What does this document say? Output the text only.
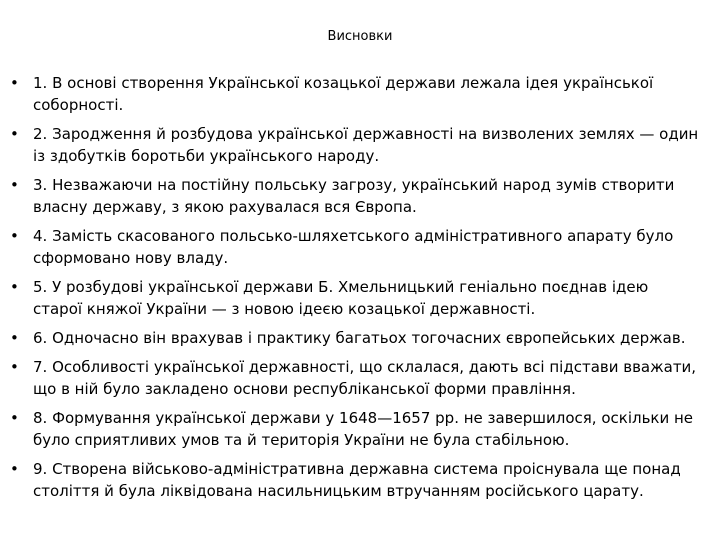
Висновки
• 1. В основі створення Української козацької держави лежала ідея української соборності.
• 2. Зародження й розбудова української державності на визволених землях — один із здобутків боротьби українського народу.
• 3. Незважаючи на постійну польську загрозу, український народ зумів створити власну державу, з якою рахувалася вся Європа.
• 4. Замість скасованого польсько-шляхетського адміністративного апарату було сформовано нову владу.
• 5. У розбудові української держави Б. Хмельницький геніально поєднав ідею старої княжої України — з новою ідеєю козацької державності.
• 6. Одночасно він врахував і практику багатьох тогочасних європейських держав.
• 7. Особливості української державності, що склалася, дають всі підстави вважати, що в ній було закладено основи республіканської форми правління.
• 8. Формування української держави у 1648—1657 рр. не завершилося, оскільки не було сприятливих умов та й територія України не була стабільною.
• 9. Створена військово-адміністративна державна система проіснувала ще понад століття й була ліквідована насильницьким втручанням російського царату.
